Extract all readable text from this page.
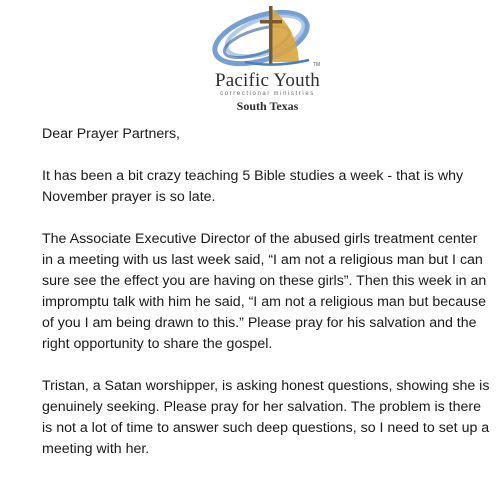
TM
Pacific Youth
correctional ministries
South Texas

Dear Prayer Partners,

It has been a bit crazy teaching 5 Bible studies a week - that is why November prayer is so late.

The Associate Executive Director of the abused girls treatment center in a meeting with us last week said, “I am not a religious man but I can sure see the effect you are having on these girls”. Then this week in an impromptu talk with him he said, “I am not a religious man but because of you I am being drawn to this.” Please pray for his salvation and the right opportunity to share the gospel.

Tristan, a Satan worshipper, is asking honest questions, showing she is genuinely seeking. Please pray for her salvation. The problem is there is not a lot of time to answer such deep questions, so I need to set up a meeting with her.
